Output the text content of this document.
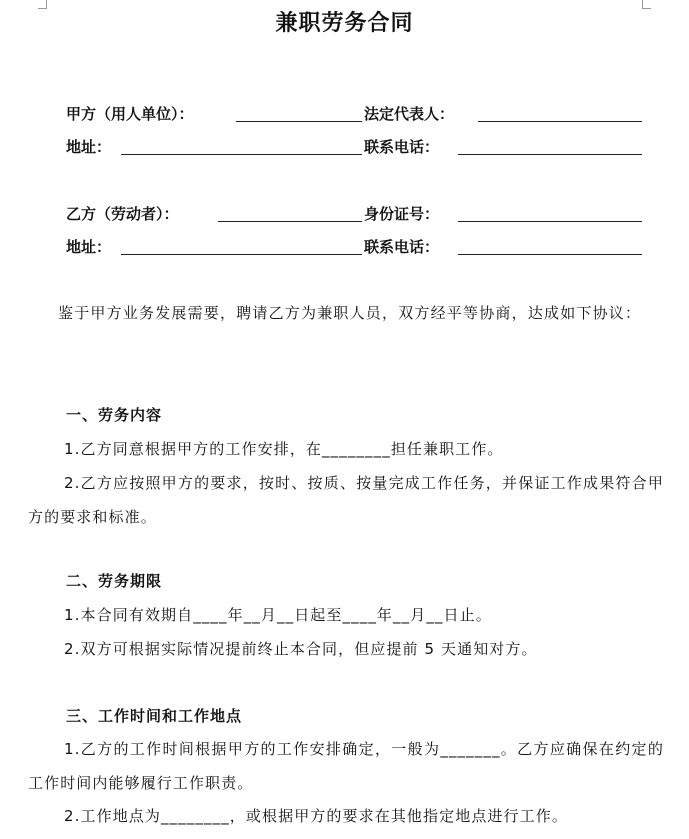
兼职劳务合同
甲方（用人单位）：	法定代表人：
地址：	联系电话：
乙方（劳动者）：	身份证号：
地址：	联系电话：
鉴于甲方业务发展需要，聘请乙方为兼职人员，双方经平等协商，达成如下协议：
一、劳务内容
1.乙方同意根据甲方的工作安排，在________担任兼职工作。
2.乙方应按照甲方的要求，按时、按质、按量完成工作任务，并保证工作成果符合甲方的要求和标准。
二、劳务期限
1.本合同有效期自____年__月__日起至____年__月__日止。
2.双方可根据实际情况提前终止本合同，但应提前 5 天通知对方。
三、工作时间和工作地点
1.乙方的工作时间根据甲方的工作安排确定，一般为_______。乙方应确保在约定的工作时间内能够履行工作职责。
2.工作地点为________，或根据甲方的要求在其他指定地点进行工作。
